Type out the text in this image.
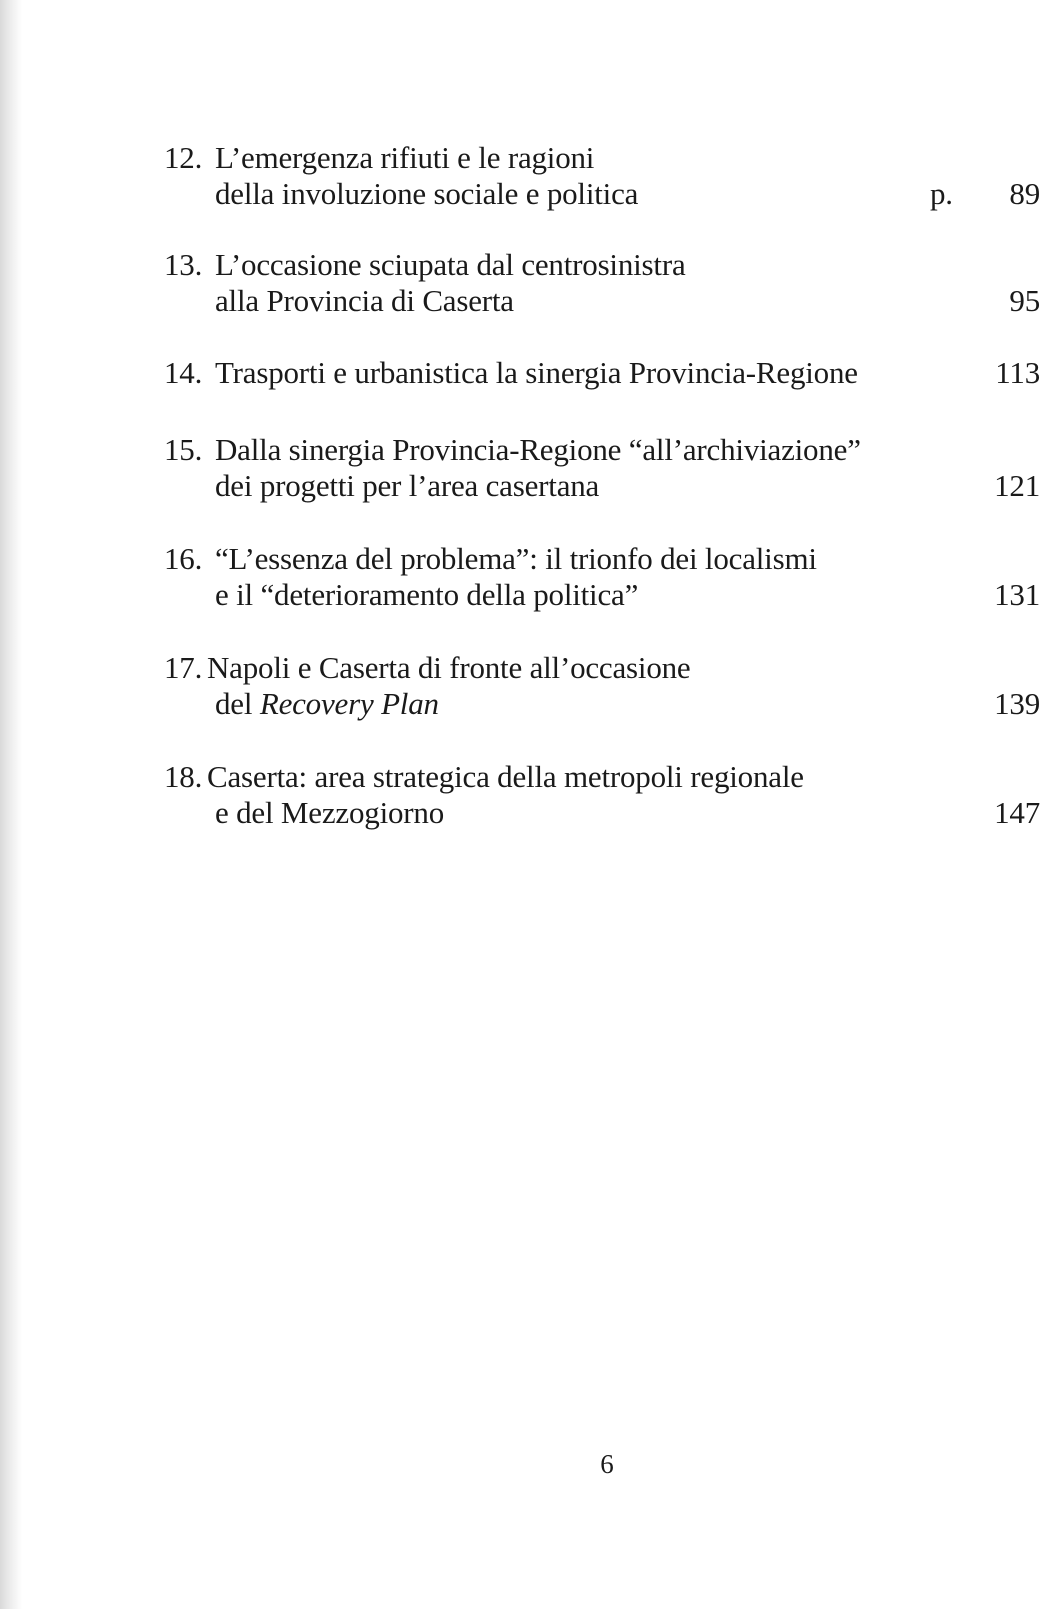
12. L’emergenza rifiuti e le ragioni
della involuzione sociale e politica	p. 89
13. L’occasione sciupata dal centrosinistra
alla Provincia di Caserta	95
14. Trasporti e urbanistica la sinergia Provincia-Regione	113
15. Dalla sinergia Provincia-Regione “all’archiviazione”
dei progetti per l’area casertana	121
16. “L’essenza del problema”: il trionfo dei localismi
e il “deterioramento della politica”	131
17. Napoli e Caserta di fronte all’occasione
del Recovery Plan	139
18. Caserta: area strategica della metropoli regionale
e del Mezzogiorno	147
6
